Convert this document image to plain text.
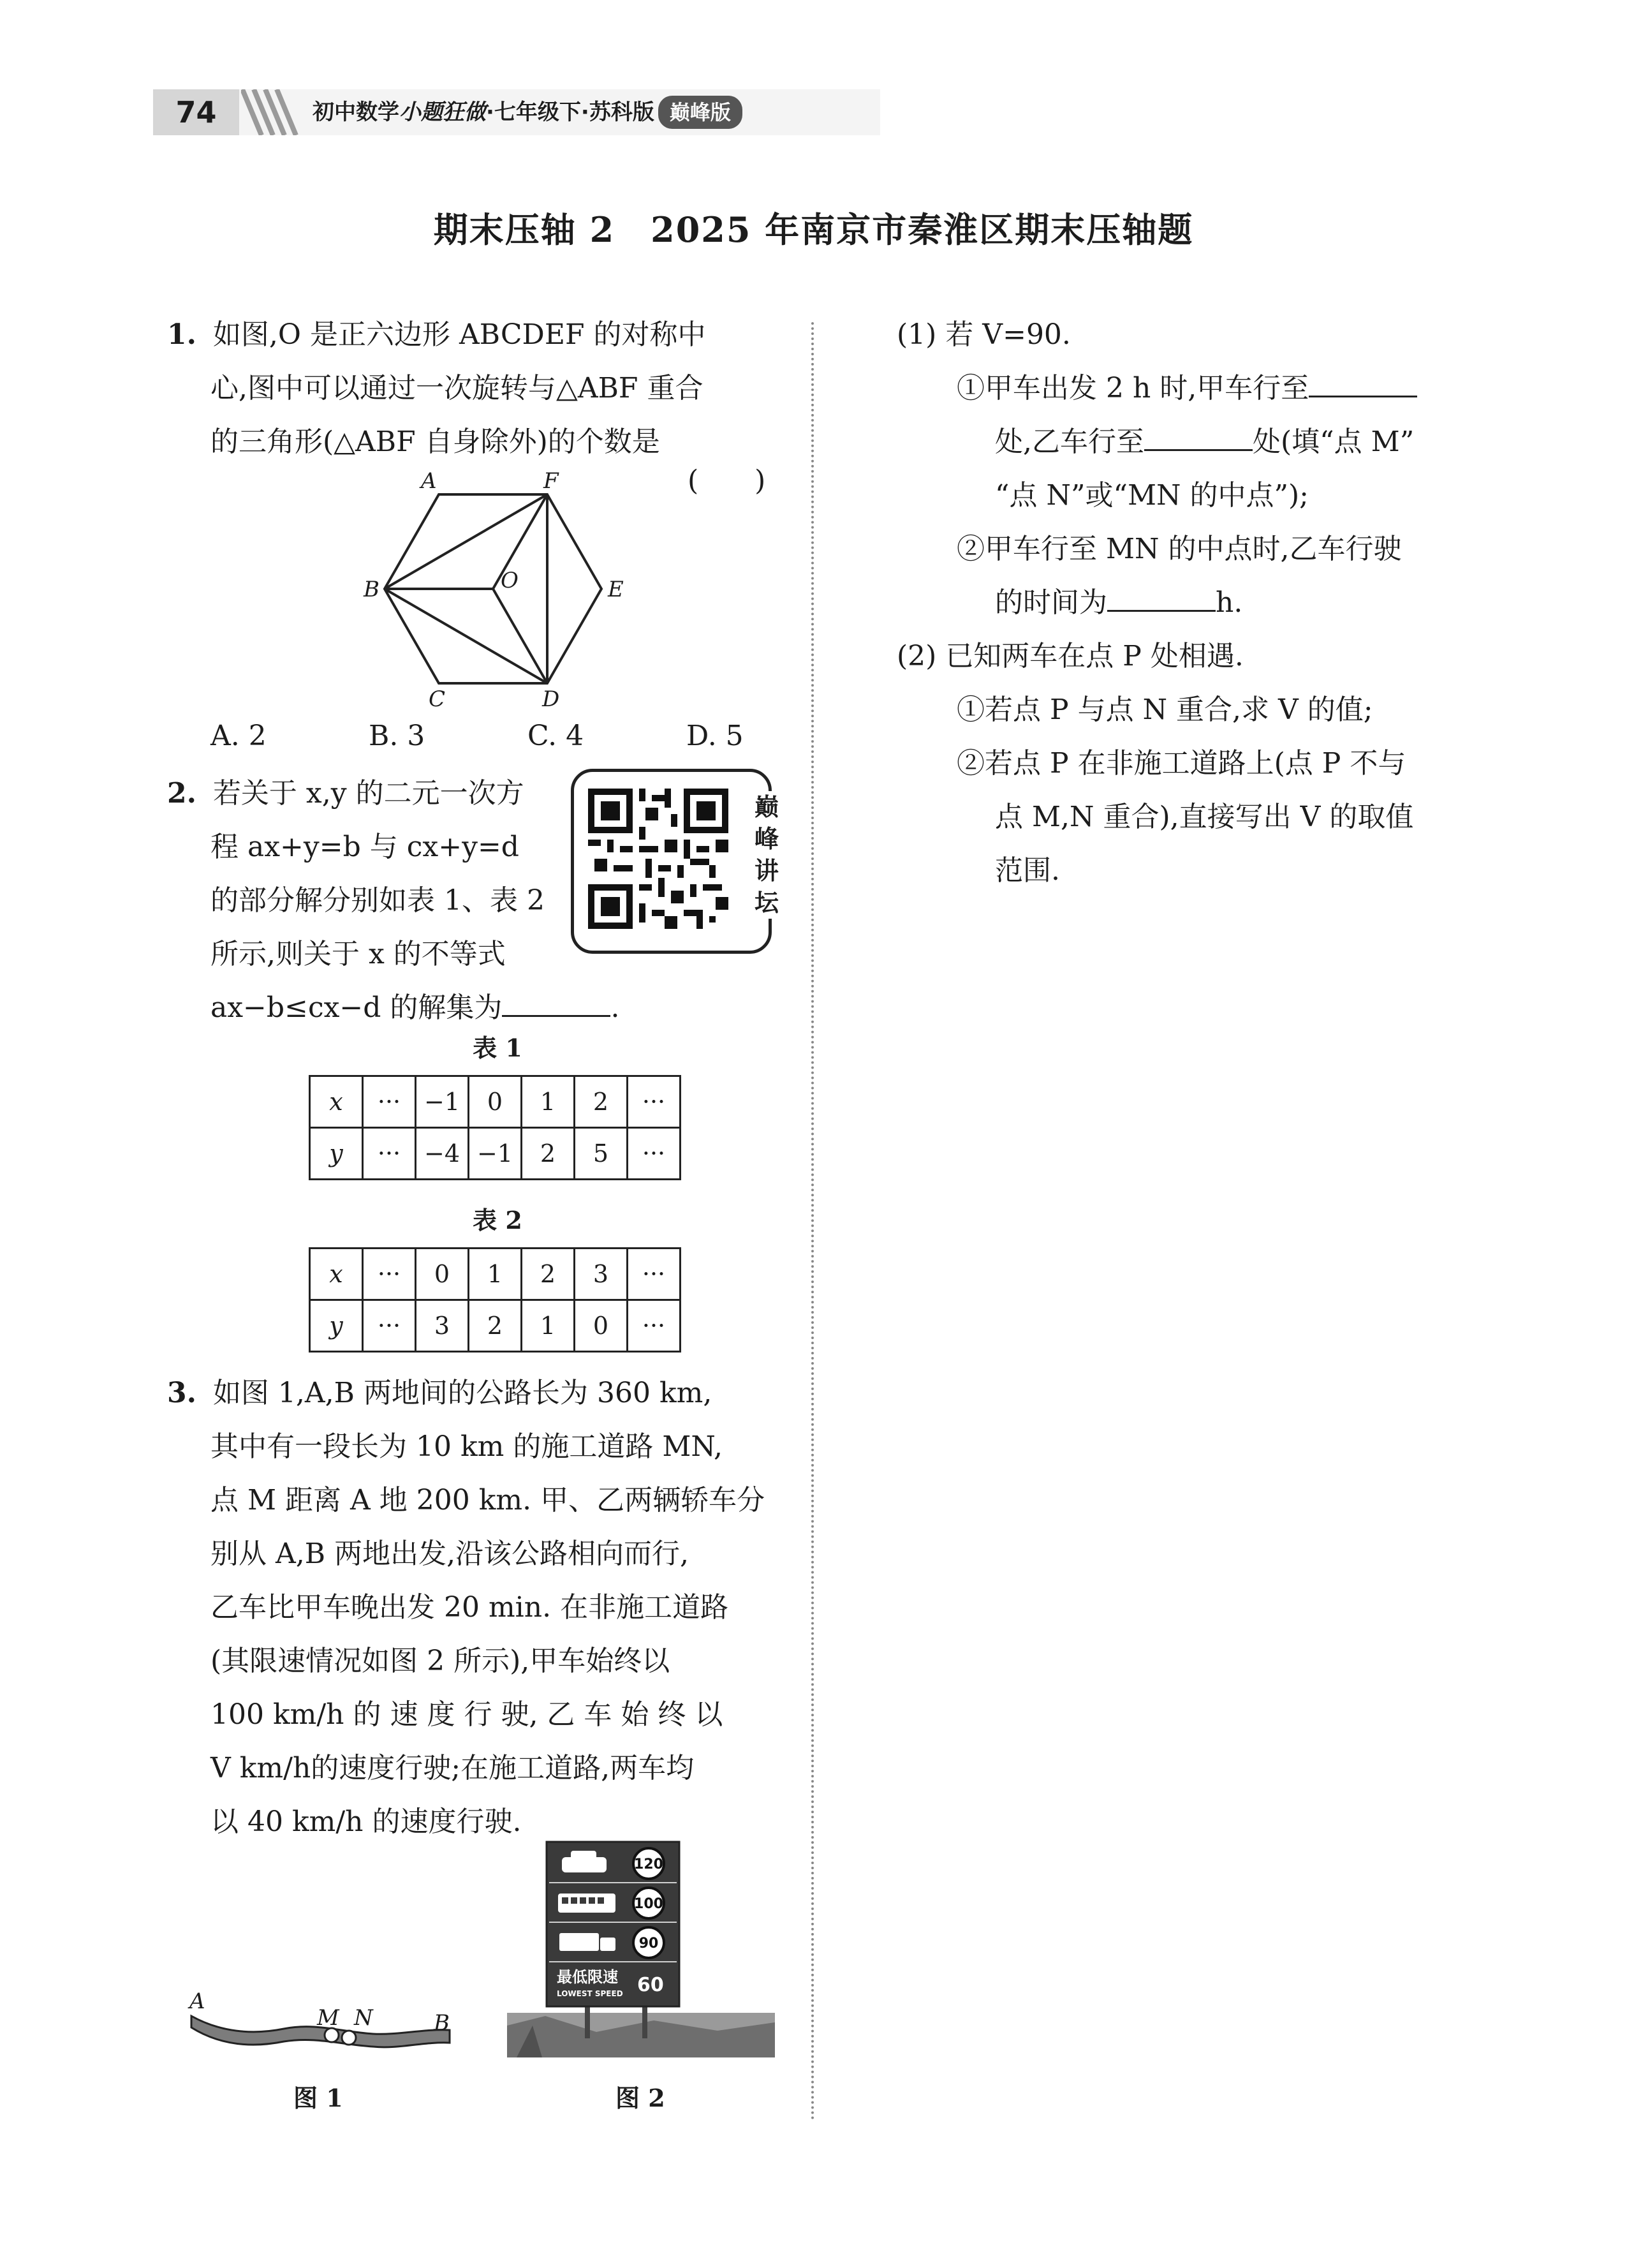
74	初中数学小题狂做·七年级下·苏科版 巅峰版
期末压轴 2　2025 年南京市秦淮区期末压轴题
1. 如图,O 是正六边形 ABCDEF 的对称中
心,图中可以通过一次旋转与△ABF 重合
的三角形(△ABF 自身除外)的个数是
(　　)
A	F
B	O	E
C	D
A. 2	B. 3	C. 4	D. 5
2. 若关于 x,y 的二元一次方
程 ax+y=b 与 cx+y=d
的部分解分别如表 1、表 2
所示,则关于 x 的不等式
ax−b≤cx−d 的解集为	.
巅
峰
讲
坛
表 1
x	···	−1	0	1	2	···
y	···	−4	−1	2	5	···
表 2
x	···	0	1	2	3	···
y	···	3	2	1	0	···
3. 如图 1,A,B 两地间的公路长为 360 km,
其中有一段长为 10 km 的施工道路 MN,
点 M 距离 A 地 200 km. 甲、乙两辆轿车分
别从 A,B 两地出发,沿该公路相向而行,
乙车比甲车晚出发 20 min. 在非施工道路
(其限速情况如图 2 所示),甲车始终以
100 km/h 的 速 度 行 驶, 乙 车 始 终 以
V km/h的速度行驶;在施工道路,两车均
以 40 km/h 的速度行驶.
A
M N	B
图 1
120
100
90
最低限速
LOWEST SPEED 60
图 2
(1) 若 V=90.
①甲车出发 2 h 时,甲车行至
处,乙车行至	处(填“点 M”
“点 N”或“MN 的中点”);
②甲车行至 MN 的中点时,乙车行驶
的时间为	h.
(2) 已知两车在点 P 处相遇.
①若点 P 与点 N 重合,求 V 的值;
②若点 P 在非施工道路上(点 P 不与
点 M,N 重合),直接写出 V 的取值
范围.
